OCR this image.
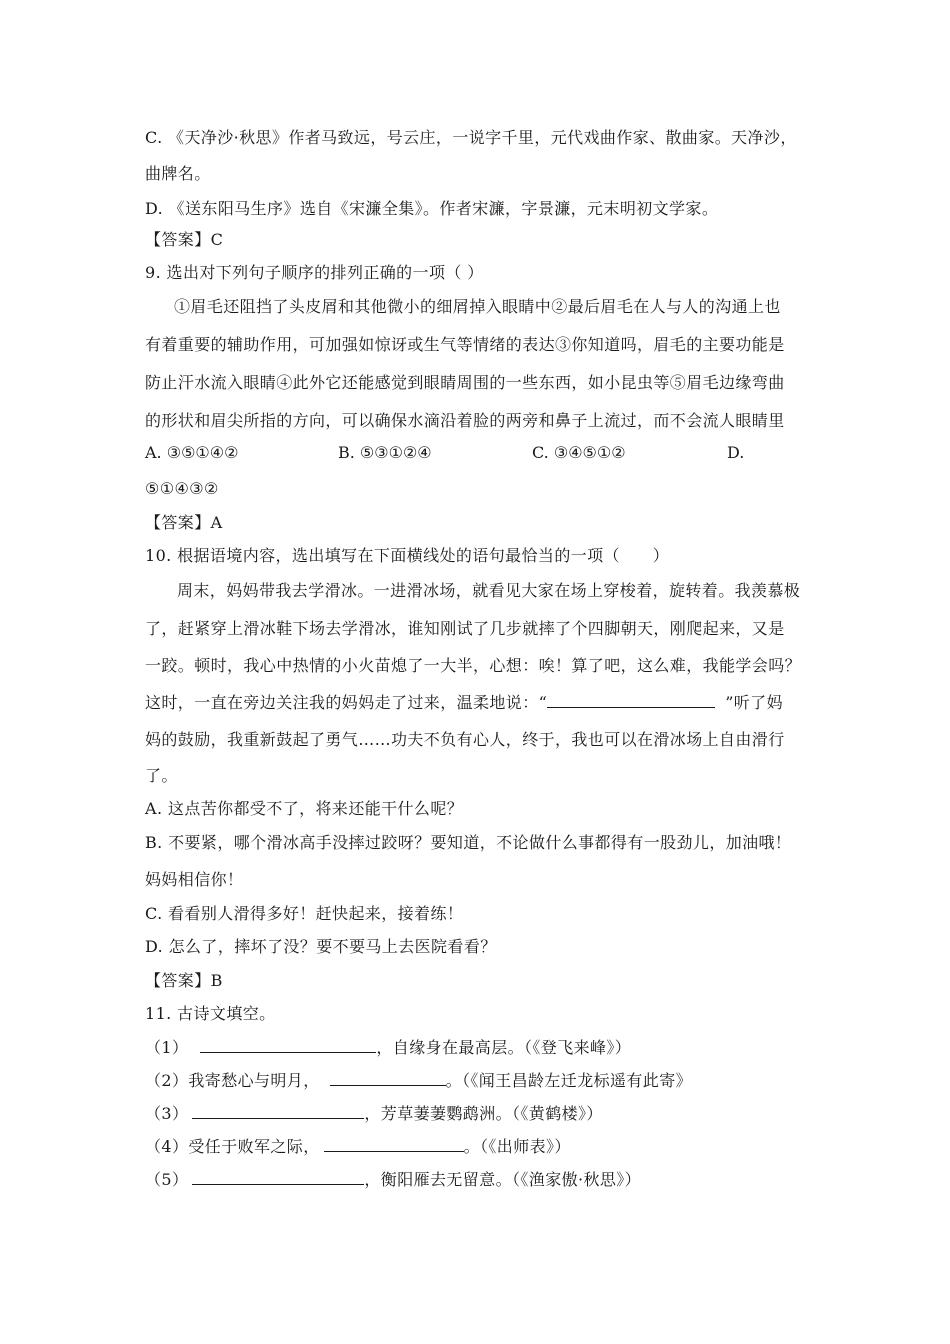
C. 《天净沙·秋思》作者马致远，号云庄，一说字千里，元代戏曲作家、散曲家。天净沙，
曲牌名。
D. 《送东阳马生序》选自《宋濂全集》。作者宋濂，字景濂，元末明初文学家。
【答案】C
9. 选出对下列句子顺序的排列正确的一项（ ）
①眉毛还阻挡了头皮屑和其他微小的细屑掉入眼睛中②最后眉毛在人与人的沟通上也
有着重要的辅助作用，可加强如惊讶或生气等情绪的表达③你知道吗，眉毛的主要功能是
防止汗水流入眼睛④此外它还能感觉到眼睛周围的一些东西，如小昆虫等⑤眉毛边缘弯曲
的形状和眉尖所指的方向，可以确保水滴沿着脸的两旁和鼻子上流过，而不会流人眼睛里
A. ③⑤①④②	B. ⑤③①②④	C. ③④⑤①②	D.
⑤①④③②
【答案】A
10. 根据语境内容，选出填写在下面横线处的语句最恰当的一项（　　）
周末，妈妈带我去学滑冰。一进滑冰场，就看见大家在场上穿梭着，旋转着。我羡慕极
了，赶紧穿上滑冰鞋下场去学滑冰，谁知刚试了几步就摔了个四脚朝天，刚爬起来，又是
一跤。顿时，我心中热情的小火苗熄了一大半，心想：唉！算了吧，这么难，我能学会吗？
这时，一直在旁边关注我的妈妈走了过来，温柔地说：“	”听了妈
妈的鼓励，我重新鼓起了勇气……功夫不负有心人，终于，我也可以在滑冰场上自由滑行
了。
A. 这点苦你都受不了，将来还能干什么呢？
B. 不要紧，哪个滑冰高手没摔过跤呀？要知道，不论做什么事都得有一股劲儿，加油哦！
妈妈相信你！
C. 看看别人滑得多好！赶快起来，接着练！
D. 怎么了，摔坏了没？要不要马上去医院看看？
【答案】B
11. 古诗文填空。
（1）	，自缘身在最高层。（《登飞来峰》）
（2）我寄愁心与明月，	。（《闻王昌龄左迁龙标遥有此寄》
（3）	，芳草萋萋鹦鹉洲。（《黄鹤楼》）
（4）受任于败军之际，	。（《出师表》）
（5）	，衡阳雁去无留意。（《渔家傲·秋思》）
